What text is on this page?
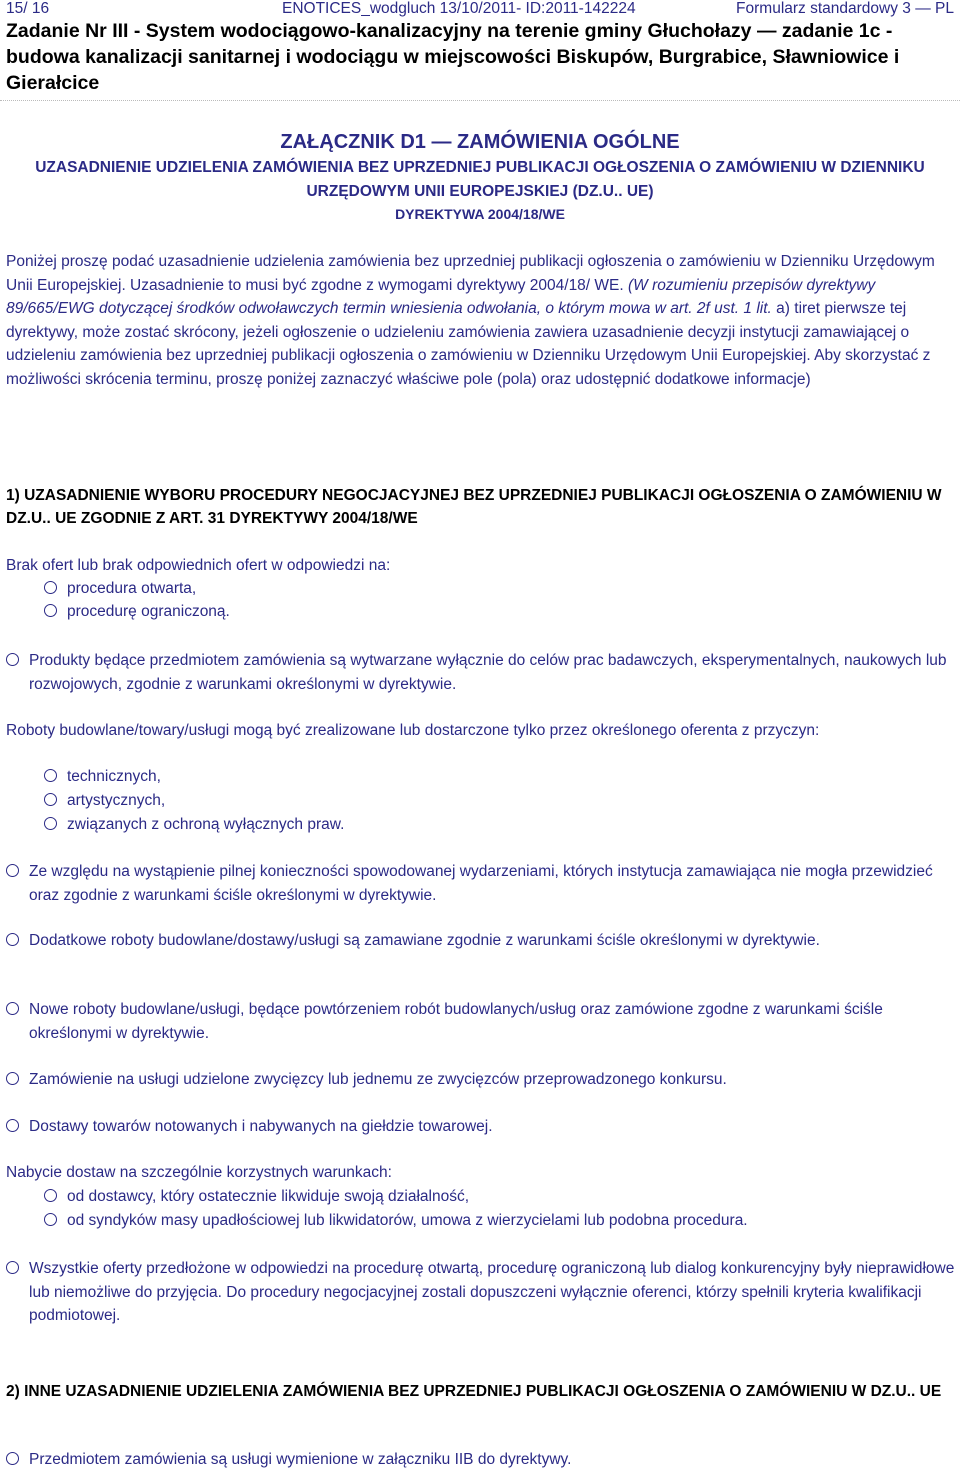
15/ 16	ENOTICES_wodgluch 13/10/2011- ID:2011-142224	Formularz standardowy 3 — PL
Zadanie Nr III - System wodociągowo-kanalizacyjny na terenie gminy Głuchołazy — zadanie 1c - budowa kanalizacji sanitarnej i wodociągu w miejscowości Biskupów, Burgrabice, Sławniowice i Gierałcice
ZAŁĄCZNIK D1 — ZAMÓWIENIA OGÓLNE
UZASADNIENIE UDZIELENIA ZAMÓWIENIA BEZ UPRZEDNIEJ PUBLIKACJI OGŁOSZENIA O ZAMÓWIENIU W DZIENNIKU URZĘDOWYM UNII EUROPEJSKIEJ (DZ.U.. UE)
DYREKTYWA 2004/18/WE
Poniżej proszę podać uzasadnienie udzielenia zamówienia bez uprzedniej publikacji ogłoszenia o zamówieniu w Dzienniku Urzędowym Unii Europejskiej. Uzasadnienie to musi być zgodne z wymogami dyrektywy 2004/18/ WE. (W rozumieniu przepisów dyrektywy 89/665/EWG dotyczącej środków odwoławczych termin wniesienia odwołania, o którym mowa w art. 2f ust. 1 lit. a) tiret pierwsze tej dyrektywy, może zostać skrócony, jeżeli ogłoszenie o udzieleniu zamówienia zawiera uzasadnienie decyzji instytucji zamawiającej o udzieleniu zamówienia bez uprzedniej publikacji ogłoszenia o zamówieniu w Dzienniku Urzędowym Unii Europejskiej. Aby skorzystać z możliwości skrócenia terminu, proszę poniżej zaznaczyć właściwe pole (pola) oraz udostępnić dodatkowe informacje)
1) UZASADNIENIE WYBORU PROCEDURY NEGOCJACYJNEJ BEZ UPRZEDNIEJ PUBLIKACJI OGŁOSZENIA O ZAMÓWIENIU W DZ.U.. UE ZGODNIE Z ART. 31 DYREKTYWY 2004/18/WE
Brak ofert lub brak odpowiednich ofert w odpowiedzi na:
procedura otwarta,
procedurę ograniczoną.
Produkty będące przedmiotem zamówienia są wytwarzane wyłącznie do celów prac badawczych, eksperymentalnych, naukowych lub rozwojowych, zgodnie z warunkami określonymi w dyrektywie.
Roboty budowlane/towary/usługi mogą być zrealizowane lub dostarczone tylko przez określonego oferenta z przyczyn:
technicznych,
artystycznych,
związanych z ochroną wyłącznych praw.
Ze względu na wystąpienie pilnej konieczności spowodowanej wydarzeniami, których instytucja zamawiająca nie mogła przewidzieć oraz zgodnie z warunkami ściśle określonymi w dyrektywie.
Dodatkowe roboty budowlane/dostawy/usługi są zamawiane zgodnie z warunkami ściśle określonymi w dyrektywie.
Nowe roboty budowlane/usługi, będące powtórzeniem robót budowlanych/usług oraz zamówione zgodne z warunkami ściśle określonymi w dyrektywie.
Zamówienie na usługi udzielone zwycięzcy lub jednemu ze zwycięzców przeprowadzonego konkursu.
Dostawy towarów notowanych i nabywanych na giełdzie towarowej.
Nabycie dostaw na szczególnie korzystnych warunkach:
od dostawcy, który ostatecznie likwiduje swoją działalność,
od syndyków masy upadłościowej lub likwidatorów, umowa z wierzycielami lub podobna procedura.
Wszystkie oferty przedłożone w odpowiedzi na procedurę otwartą, procedurę ograniczoną lub dialog konkurencyjny były nieprawidłowe lub niemożliwe do przyjęcia. Do procedury negocjacyjnej zostali dopuszczeni wyłącznie oferenci, którzy spełnili kryteria kwalifikacji podmiotowej.
2) INNE UZASADNIENIE UDZIELENIA ZAMÓWIENIA BEZ UPRZEDNIEJ PUBLIKACJI OGŁOSZENIA O ZAMÓWIENIU W DZ.U.. UE
Przedmiotem zamówienia są usługi wymienione w załączniku IIB do dyrektywy.
